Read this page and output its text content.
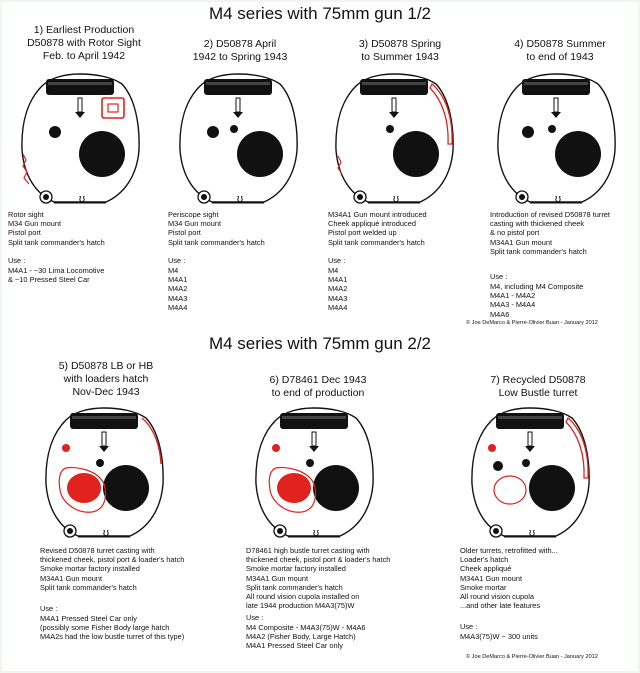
M4 series with 75mm gun 1/2
1) Earliest Production
D50878 with Rotor Sight
Feb. to April 1942
Rotor sight
M34 Gun mount
Pistol port
Split tank commander's hatch
Use :
M4A1 - ~30 Lima Locomotive
& ~10 Pressed Steel Car
2) D50878 April
1942 to Spring 1943
Periscope sight
M34 Gun mount
Pistol port
Split tank commander's hatch
Use :
M4
M4A1
M4A2
M4A3
M4A4
3) D50878 Spring
to Summer 1943
M34A1 Gun mount introduced
Cheek appliqué introduced
Pistol port welded up
Split tank commander's hatch
Use :
M4
M4A1
M4A2
M4A3
M4A4
4) D50878 Summer
to end of 1943
Introduction of revised D50878 turret
casting with thickened cheek
& no pistol port
M34A1 Gun mount
Split tank commander's hatch
Use :
M4, including M4 Composite
M4A1 - M4A2
M4A3 - M4A4
M4A6
© Joe DeMarco & Pierre-Olivier Buan - January 2012
M4 series with 75mm gun 2/2
5) D50878 LB or HB
with loaders hatch
Nov-Dec 1943
Revised D50878 turret casting with
thickened cheek, pistol port & loader's hatch
Smoke mortar factory installed
M34A1 Gun mount
Split tank commander's hatch
Use :
M4A1 Pressed Steel Car only
(possibly some Fisher Body large hatch
M4A2s had the low bustle turret of this type)
6) D78461 Dec 1943
to end of production
D78461 high bustle turret casting with
thickened cheek, pistol port & loader's hatch
Smoke mortar factory installed
M34A1 Gun mount
Split tank commander's hatch
All round vision cupola installed on
late 1944 production M4A3(75)W
Use :
M4 Composite - M4A3(75)W - M4A6
M4A2 (Fisher Body, Large Hatch)
M4A1 Pressed Steel Car only
7) Recycled D50878
Low Bustle turret
Older turrets, retrofitted with...
Loader's hatch
Cheek appliqué
M34A1 Gun mount
Smoke mortar
All round vision cupola
...and other late features
Use :
M4A3(75)W ~ 300 units
© Joe DeMarco & Pierre-Olivier Buan - January 2012
